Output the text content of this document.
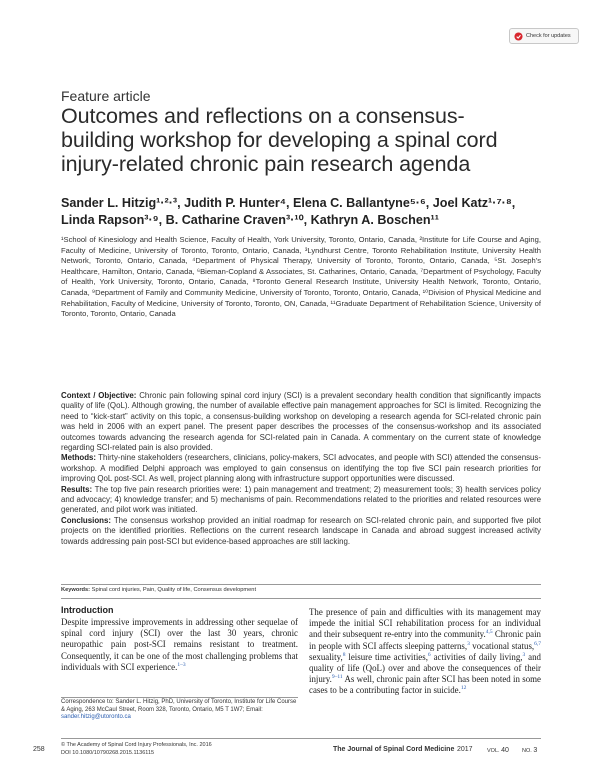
Check for updates
Feature article
Outcomes and reflections on a consensus-
building workshop for developing a spinal cord
injury-related chronic pain research agenda
Sander L. Hitzig¹·²·³, Judith P. Hunter⁴, Elena C. Ballantyne⁵·⁶, Joel Katz¹·⁷·⁸,
Linda Rapson³·⁹, B. Catharine Craven³·¹⁰, Kathryn A. Boschen¹¹
¹School of Kinesiology and Health Science, Faculty of Health, York University, Toronto, Ontario, Canada, ²Institute for Life Course and Aging, Faculty of Medicine, University of Toronto, Toronto, Ontario, Canada, ³Lyndhurst Centre, Toronto Rehabilitation Institute, University Health Network, Toronto, Ontario, Canada, ⁴Department of Physical Therapy, University of Toronto, Toronto, Ontario, Canada, ⁵St. Joseph's Healthcare, Hamilton, Ontario, Canada, ⁶Bieman-Copland & Associates, St. Catharines, Ontario, Canada, ⁷Department of Psychology, Faculty of Health, York University, Toronto, Ontario, Canada, ⁸Toronto General Research Institute, University Health Network, Toronto, Ontario, Canada, ⁹Department of Family and Community Medicine, University of Toronto, Toronto, Ontario, Canada, ¹⁰Division of Physical Medicine and Rehabilitation, Faculty of Medicine, University of Toronto, Toronto, ON, Canada, ¹¹Graduate Department of Rehabilitation Science, University of Toronto, Toronto, Ontario, Canada

Context / Objective: Chronic pain following spinal cord injury (SCI) is a prevalent secondary health condition that significantly impacts quality of life (QoL). Although growing, the number of available effective pain management approaches for SCI is limited. Recognizing the need to “kick-start” activity on this topic, a consensus-building workshop on developing a research agenda for SCI-related chronic pain was held in 2006 with an expert panel. The present paper describes the processes of the consensus-workshop and its associated outcomes towards advancing the research agenda for SCI-related pain in Canada. A commentary on the current state of knowledge regarding SCI-related pain is also provided.

Methods: Thirty-nine stakeholders (researchers, clinicians, policy-makers, SCI advocates, and people with SCI) attended the consensus-workshop. A modified Delphi approach was employed to gain consensus on identifying the top five SCI pain research priorities for improving QoL post-SCI. As well, project planning along with infrastructure support opportunities were discussed.

Results: The top five pain research priorities were: 1) pain management and treatment; 2) measurement tools; 3) health services policy and advocacy; 4) knowledge transfer; and 5) mechanisms of pain. Recommendations related to the priorities and related resources were generated, and pilot work was initiated.

Conclusions: The consensus workshop provided an initial roadmap for research on SCI-related chronic pain, and supported five pilot projects on the identified priorities. Reflections on the current research landscape in Canada and abroad suggest increased activity towards addressing pain post-SCI but evidence-based approaches are still lacking.

Keywords: Spinal cord injuries, Pain, Quality of life, Consensus development
Introduction
Despite impressive improvements in addressing other sequelae of spinal cord injury (SCI) over the last 30 years, chronic neuropathic pain post-SCI remains resistant to treatment. Consequently, it can be one of the most challenging problems that individuals with SCI experience.$^{1-3}$
The presence of pain and difficulties with its management may impede the initial SCI rehabilitation process for an individual and their subsequent re-entry into the community.$^{4,5}$ Chronic pain in people with SCI affects sleeping patterns,$^3$ vocational status,$^{6,7}$ sexuality,$^8$ leisure time activities,$^6$ activities of daily living,$^3$ and quality of life (QoL) over and above the consequences of their injury.$^{9-11}$ As well, chronic pain after SCI has been noted in some cases to be a contributing factor in suicide.$^{12}$
Correspondence to: Sander L. Hitzig, PhD, University of Toronto, Institute for Life Course & Aging, 263 McCaul Street, Room 328, Toronto, Ontario, M5 T 1W7; Email: sander.hitzig@utoronto.ca
258
© The Academy of Spinal Cord Injury Professionals, Inc. 2016
DOI 10.1080/10790268.2015.1136115	The Journal of Spinal Cord Medicine 2017	VOL. 40 NO. 3
